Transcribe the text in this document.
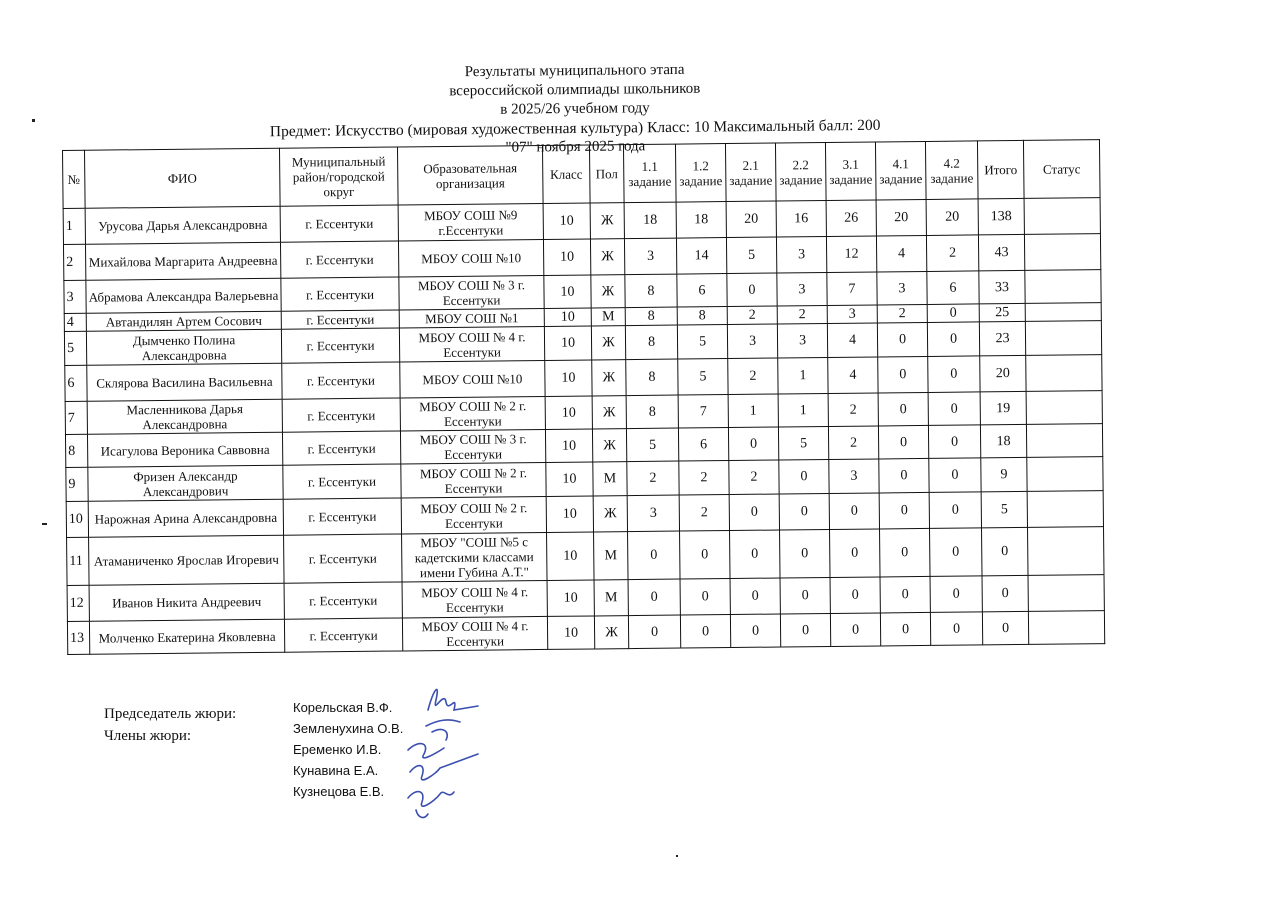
Результаты муниципального этапа
всероссийской олимпиады школьников
в 2025/26 учебном году
Предмет: Искусство (мировая художественная культура) Класс: 10 Максимальный балл: 200
"07" ноября 2025 года
№	ФИО	Муниципальный район/городской округ	Образовательная организация	Класс	Пол	1.1 задание	1.2 задание	2.1 задание	2.2 задание	3.1 задание	4.1 задание	4.2 задание	Итого	Статус
1	Урусова Дарья Александровна	г. Ессентуки	МБОУ СОШ №9 г.Ессентуки	10	Ж	18	18	20	16	26	20	20	138	
2	Михайлова Маргарита Андреевна	г. Ессентуки	МБОУ СОШ №10	10	Ж	3	14	5	3	12	4	2	43	
3	Абрамова Александра Валерьевна	г. Ессентуки	МБОУ СОШ № 3 г. Ессентуки	10	Ж	8	6	0	3	7	3	6	33	
4	Автандилян Артем Сосович	г. Ессентуки	МБОУ СОШ №1	10	М	8	8	2	2	3	2	0	25	
5	Дымченко Полина Александровна	г. Ессентуки	МБОУ СОШ № 4 г. Ессентуки	10	Ж	8	5	3	3	4	0	0	23	
6	Склярова Василина Васильевна	г. Ессентуки	МБОУ СОШ №10	10	Ж	8	5	2	1	4	0	0	20	
7	Масленникова Дарья Александровна	г. Ессентуки	МБОУ СОШ № 2 г. Ессентуки	10	Ж	8	7	1	1	2	0	0	19	
8	Исагулова Вероника Саввовна	г. Ессентуки	МБОУ СОШ № 3 г. Ессентуки	10	Ж	5	6	0	5	2	0	0	18	
9	Фризен Александр Александрович	г. Ессентуки	МБОУ СОШ № 2 г. Ессентуки	10	М	2	2	2	0	3	0	0	9	
10	Нарожная Арина Александровна	г. Ессентуки	МБОУ СОШ № 2 г. Ессентуки	10	Ж	3	2	0	0	0	0	0	5	
11	Атаманиченко Ярослав Игоревич	г. Ессентуки	МБОУ "СОШ №5 с кадетскими классами имени Губина А.Т."	10	М	0	0	0	0	0	0	0	0	
12	Иванов Никита Андреевич	г. Ессентуки	МБОУ СОШ № 4 г. Ессентуки	10	М	0	0	0	0	0	0	0	0	
13	Молченко Екатерина Яковлевна	г. Ессентуки	МБОУ СОШ № 4 г. Ессентуки	10	Ж	0	0	0	0	0	0	0	0	
Председатель жюри:
Члены жюри:
Корельская В.Ф.
Земленухина О.В.
Еременко И.В.
Кунавина Е.А.
Кузнецова Е.В.
